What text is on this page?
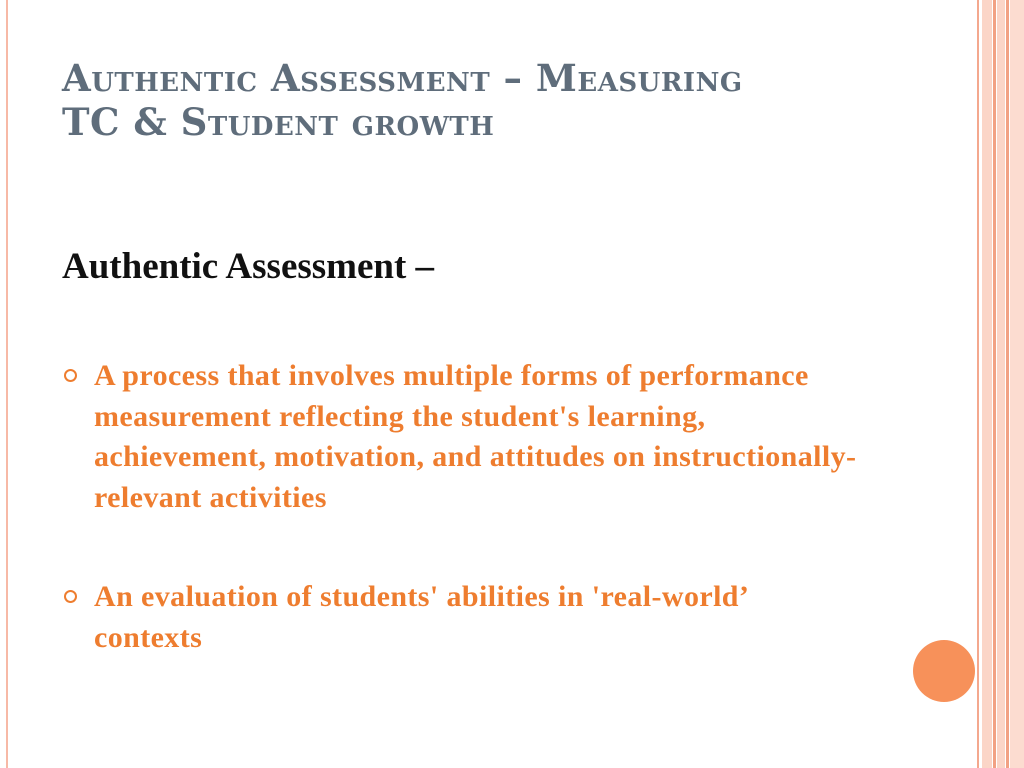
Authentic Assessment – Measuring
TC & Student growth
Authentic Assessment –
A process that involves multiple forms of performance measurement reflecting the student's learning, achievement, motivation, and attitudes on instructionally-relevant activities
An evaluation of students' abilities in 'real-world’ contexts
